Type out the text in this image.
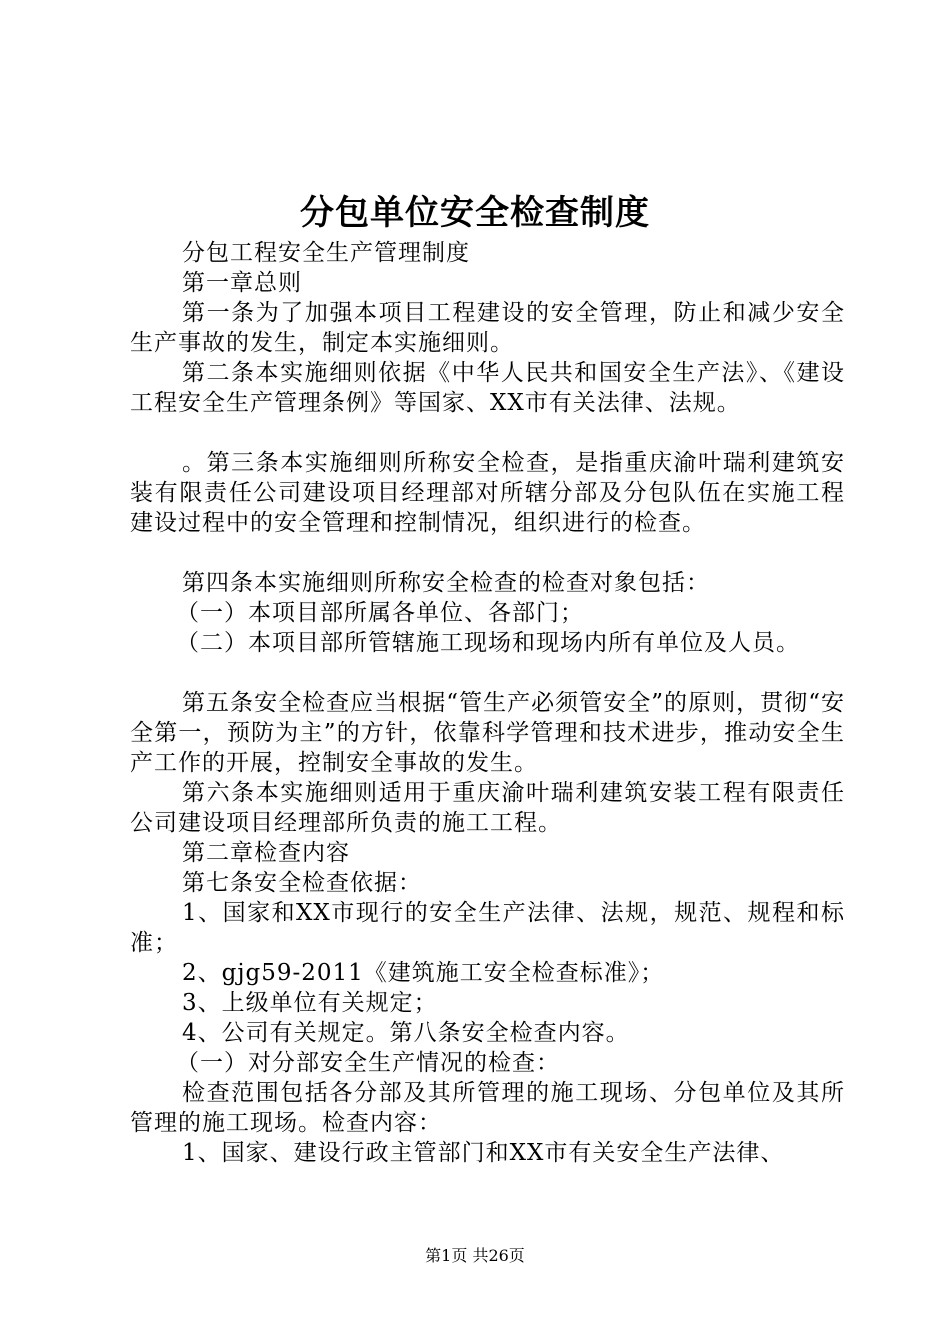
分包单位安全检查制度

分包工程安全生产管理制度

第一章总则

第一条为了加强本项目工程建设的安全管理，防止和减少安全生产事故的发生，制定本实施细则。

第二条本实施细则依据《中华人民共和国安全生产法》、《建设工程安全生产管理条例》等国家、XX市有关法律、法规。

。第三条本实施细则所称安全检查，是指重庆渝叶瑞利建筑安装有限责任公司建设项目经理部对所辖分部及分包队伍在实施工程建设过程中的安全管理和控制情况，组织进行的检查。

第四条本实施细则所称安全检查的检查对象包括：

（一）本项目部所属各单位、各部门；

（二）本项目部所管辖施工现场和现场内所有单位及人员。

第五条安全检查应当根据“管生产必须管安全”的原则，贯彻“安全第一，预防为主”的方针，依靠科学管理和技术进步，推动安全生产工作的开展，控制安全事故的发生。

第六条本实施细则适用于重庆渝叶瑞利建筑安装工程有限责任公司建设项目经理部所负责的施工工程。

第二章检查内容

第七条安全检查依据：

1、国家和XX市现行的安全生产法律、法规，规范、规程和标准；

2、gjg59-2011《建筑施工安全检查标准》；

3、上级单位有关规定；

4、公司有关规定。第八条安全检查内容。

（一）对分部安全生产情况的检查：

检查范围包括各分部及其所管理的施工现场、分包单位及其所管理的施工现场。检查内容：

1、国家、建设行政主管部门和XX市有关安全生产法律、

第1页 共26页
